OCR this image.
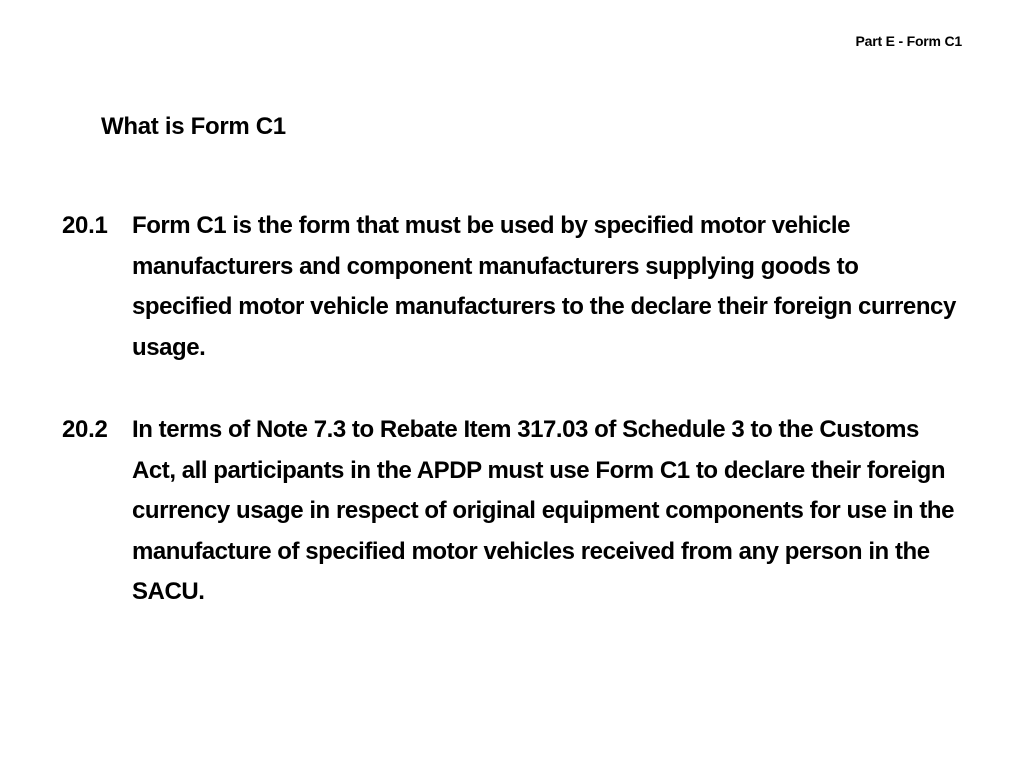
Part E - Form C1
What is Form C1
20.1	Form C1 is the form that must be used by specified motor vehicle manufacturers and component manufacturers supplying goods to specified motor vehicle manufacturers to the declare their foreign currency usage.

20.2	In terms of Note 7.3 to Rebate Item 317.03 of Schedule 3 to the Customs Act, all participants in the APDP must use Form C1 to declare their foreign currency usage in respect of original equipment components for use in the manufacture of specified motor vehicles received from any person in the SACU.
